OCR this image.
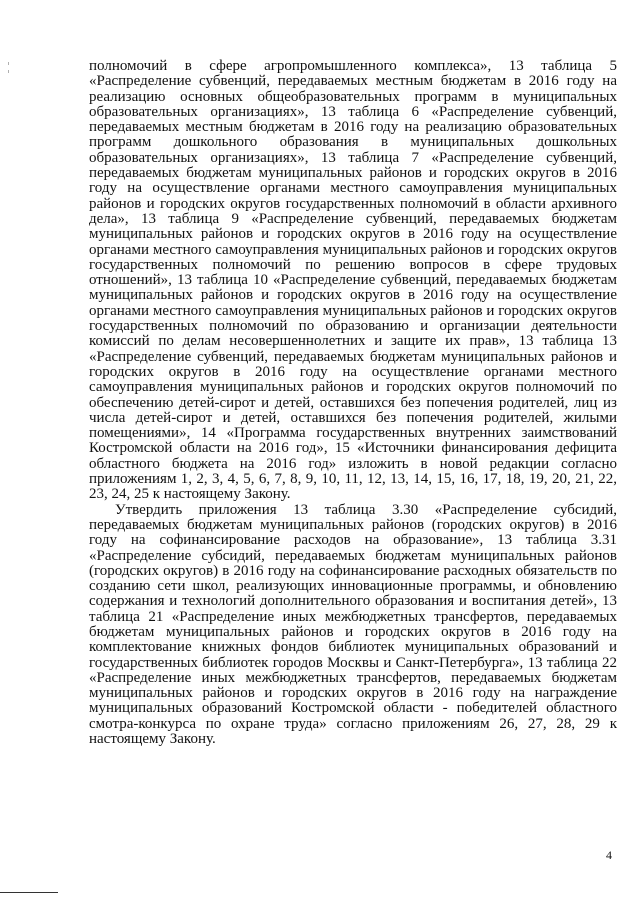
полномочий в сфере агропромышленного комплекса», 13 таблица 5 «Распределение субвенций, передаваемых местным бюджетам в 2016 году на реализацию основных общеобразовательных программ в муниципальных образовательных организациях», 13 таблица 6 «Распределение субвенций, передаваемых местным бюджетам в 2016 году на реализацию образовательных программ дошкольного образования в муниципальных дошкольных образовательных организациях», 13 таблица 7 «Распределение субвенций, передаваемых бюджетам муниципальных районов и городских округов в 2016 году на осуществление органами местного самоуправления муниципальных районов и городских округов государственных полномочий в области архивного дела», 13 таблица 9 «Распределение субвенций, передаваемых бюджетам муниципальных районов и городских округов в 2016 году на осуществление органами местного самоуправления муниципальных районов и городских округов государственных полномочий по решению вопросов в сфере трудовых отношений», 13 таблица 10 «Распределение субвенций, передаваемых бюджетам муниципальных районов и городских округов в 2016 году на осуществление органами местного самоуправления муниципальных районов и городских округов государственных полномочий по образованию и организации деятельности комиссий по делам несовершеннолетних и защите их прав», 13 таблица 13 «Распределение субвенций, передаваемых бюджетам муниципальных районов и городских округов в 2016 году на осуществление органами местного самоуправления муниципальных районов и городских округов полномочий по обеспечению детей-сирот и детей, оставшихся без попечения родителей, лиц из числа детей-сирот и детей, оставшихся без попечения родителей, жилыми помещениями», 14 «Программа государственных внутренних заимствований Костромской области на 2016 год», 15 «Источники финансирования дефицита областного бюджета на 2016 год» изложить в новой редакции согласно приложениям 1, 2, 3, 4, 5, 6, 7, 8, 9, 10, 11, 12, 13, 14, 15, 16, 17, 18, 19, 20, 21, 22, 23, 24, 25 к настоящему Закону.

Утвердить приложения 13 таблица 3.30 «Распределение субсидий, передаваемых бюджетам муниципальных районов (городских округов) в 2016 году на софинансирование расходов на образование», 13 таблица 3.31 «Распределение субсидий, передаваемых бюджетам муниципальных районов (городских округов) в 2016 году на софинансирование расходных обязательств по созданию сети школ, реализующих инновационные программы, и обновлению содержания и технологий дополнительного образования и воспитания детей», 13 таблица 21 «Распределение иных межбюджетных трансфертов, передаваемых бюджетам муниципальных районов и городских округов в 2016 году на комплектование книжных фондов библиотек муниципальных образований и государственных библиотек городов Москвы и Санкт-Петербурга», 13 таблица 22 «Распределение иных межбюджетных трансфертов, передаваемых бюджетам муниципальных районов и городских округов в 2016 году на награждение муниципальных образований Костромской области - победителей областного смотра-конкурса по охране труда» согласно приложениям 26, 27, 28, 29 к настоящему Закону.

4
